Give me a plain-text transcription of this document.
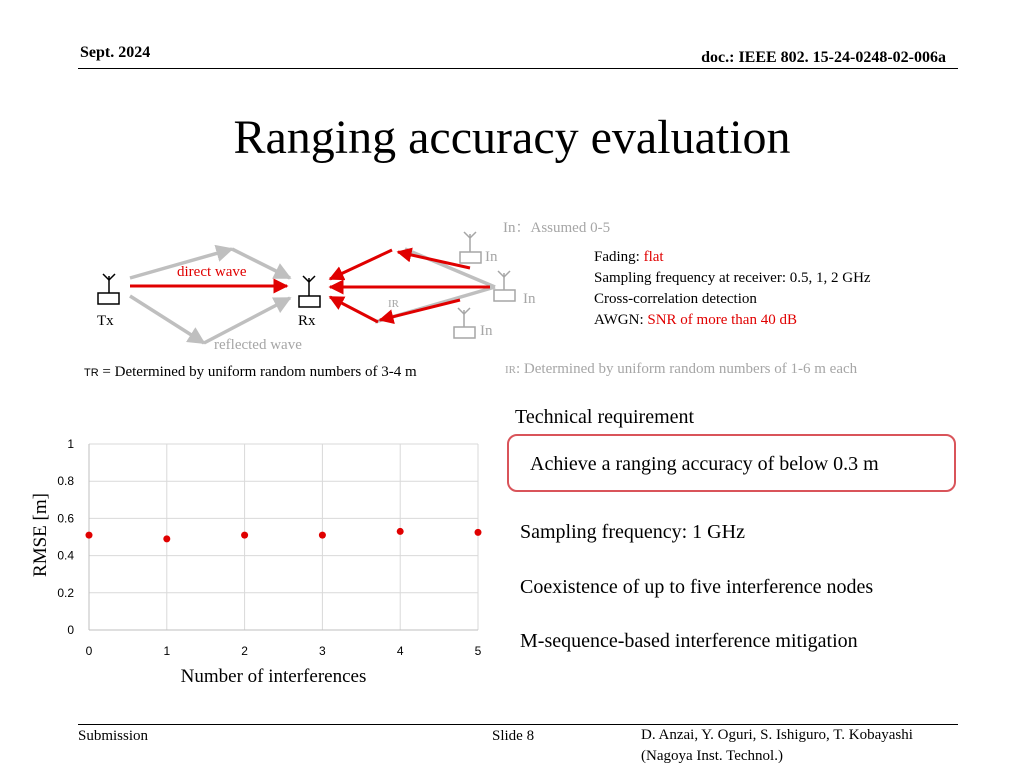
Sept. 2024	doc.: IEEE 802. 15-24-0248-02-006a
Ranging accuracy evaluation
In：Assumed 0-5
direct wave
Tx	Rx
reflected wave
In
In
In
IR
TR = Determined by uniform random numbers of 3-4 m	IR: Determined by uniform random numbers of 1-6 m each
Fading: flat
Sampling frequency at receiver: 0.5, 1, 2 GHz
Cross-correlation detection
AWGN: SNR of more than 40 dB
Technical requirement
Achieve a ranging accuracy of below 0.3 m
Sampling frequency: 1 GHz
Coexistence of up to five interference nodes
M-sequence-based interference mitigation
0
0.2
0.4
0.6
0.8
1
0	1	2	3	4	5
Number of interferences
RMSE [m]
Submission	Slide 8	D. Anzai, Y. Oguri, S. Ishiguro, T. Kobayashi
(Nagoya Inst. Technol.)
